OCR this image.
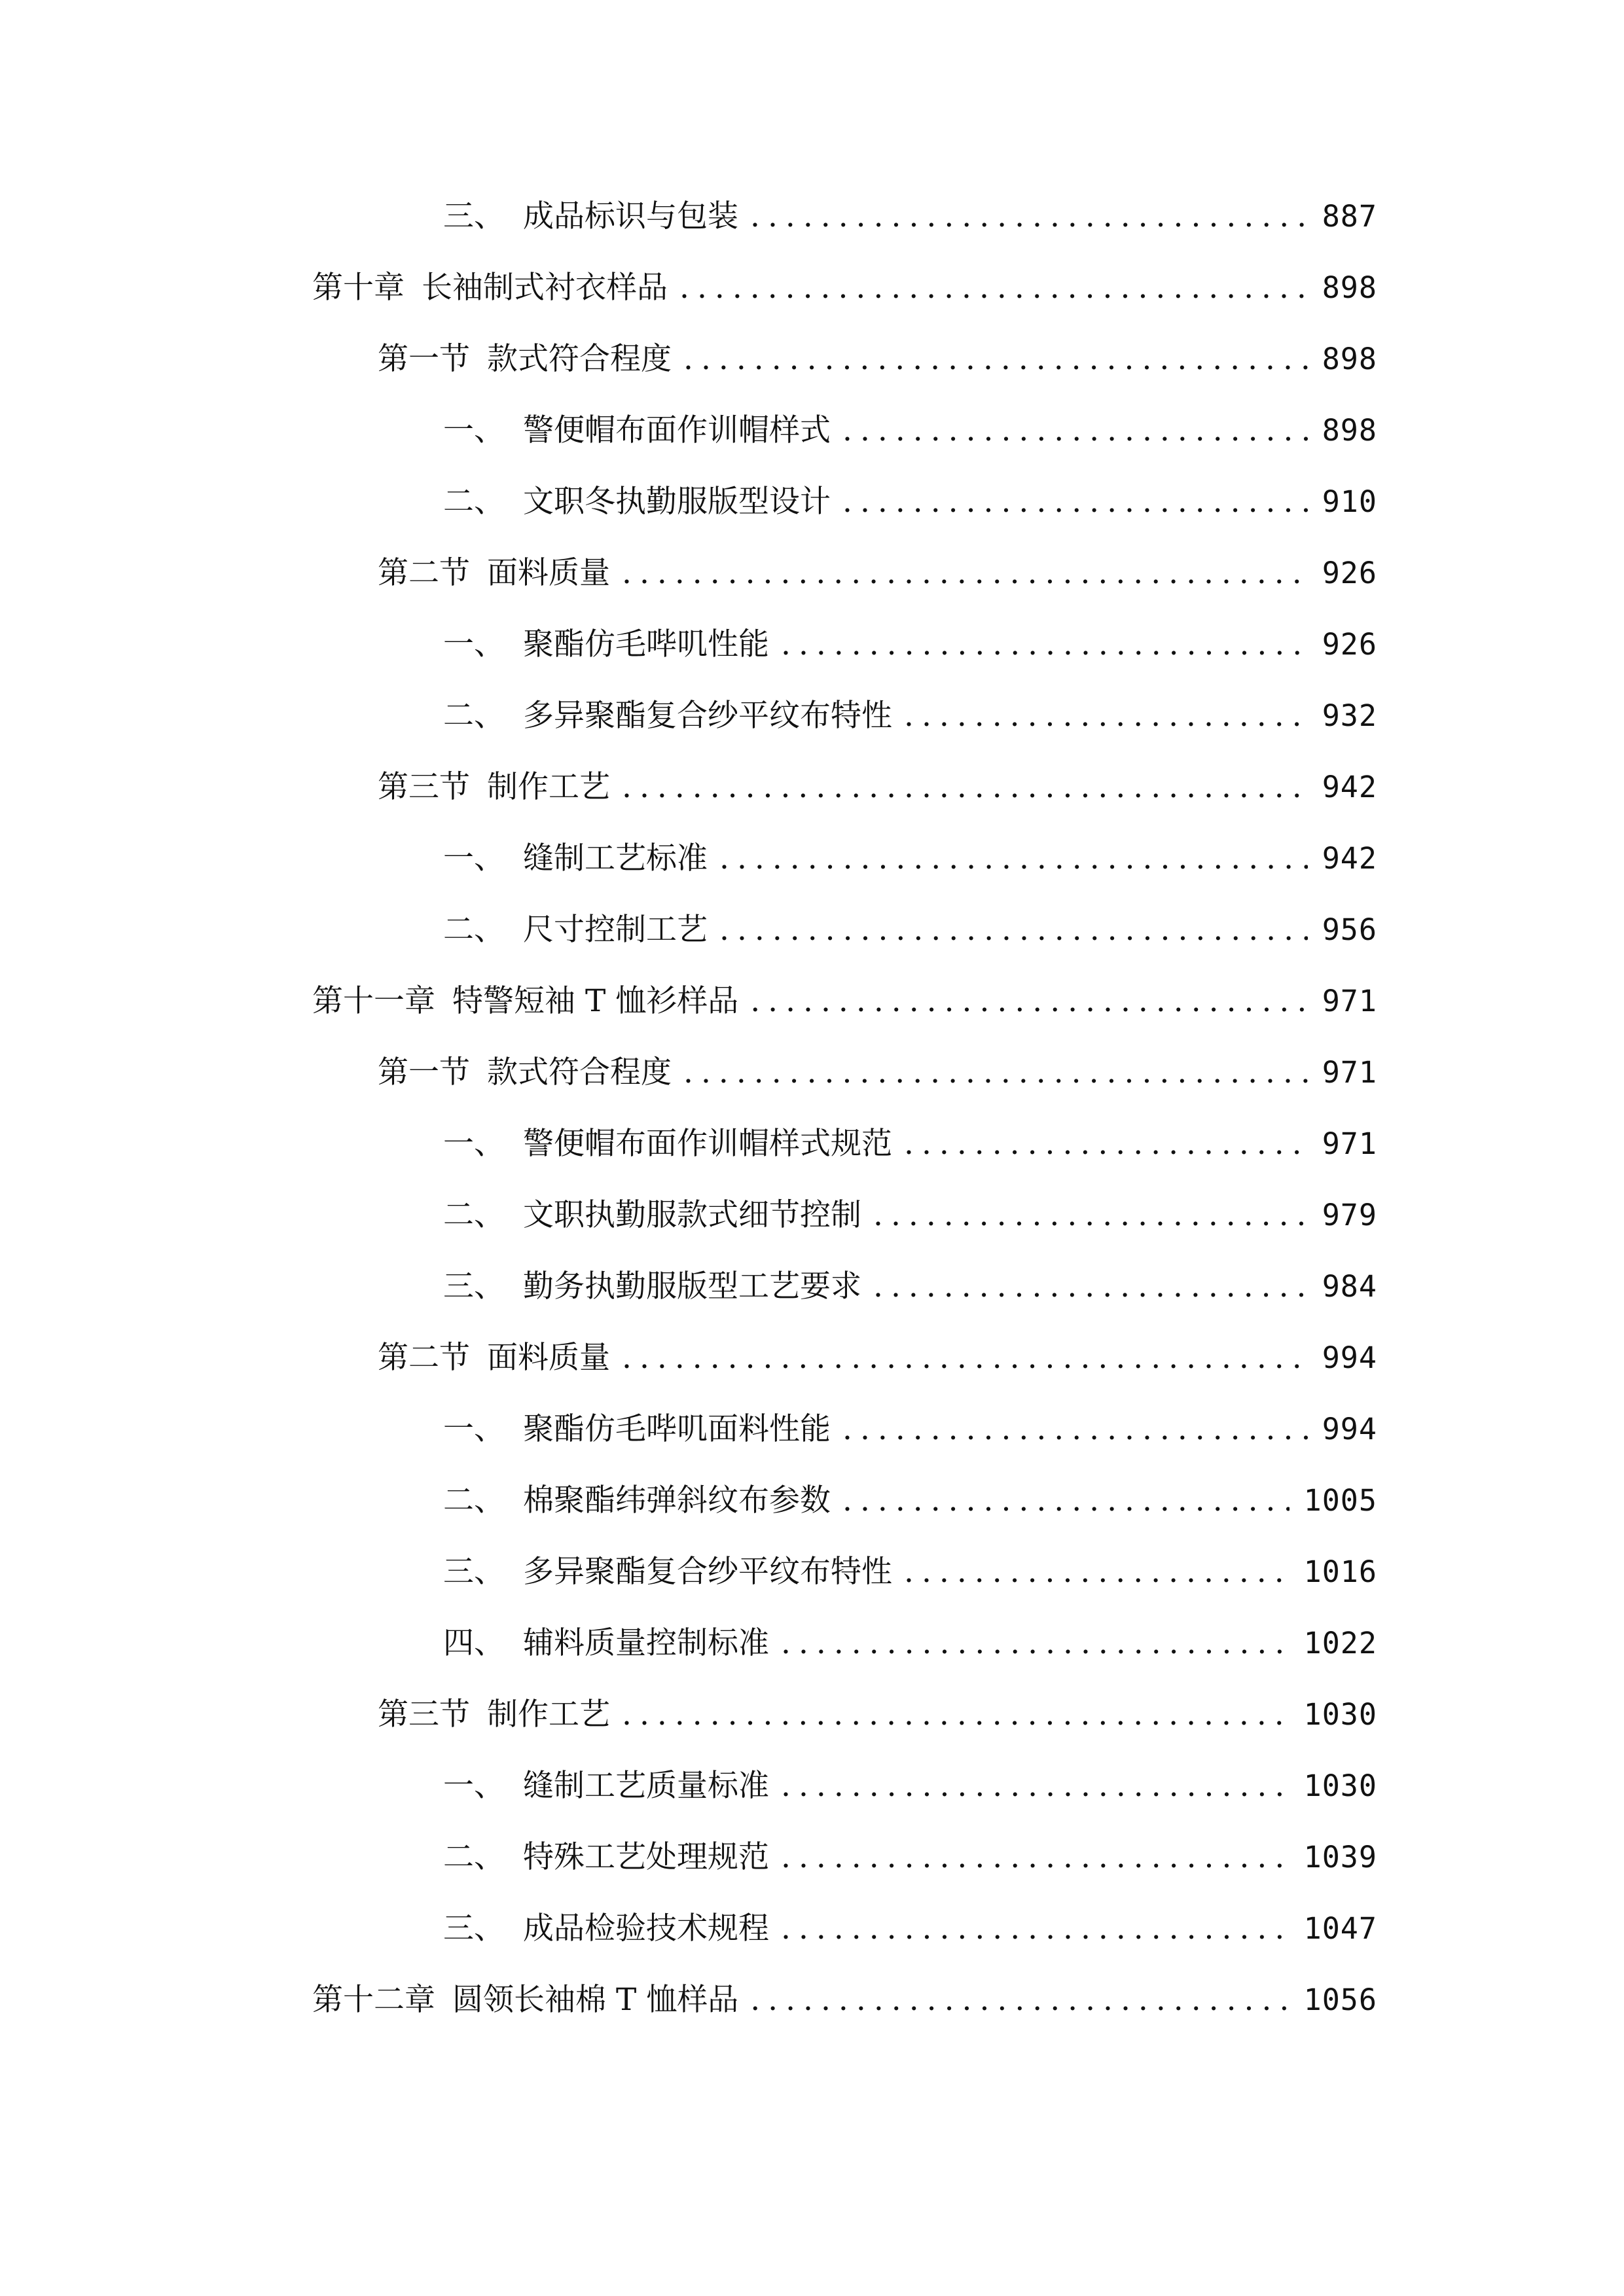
三、 成品标识与包装 .....	887
第十章 长袖制式衬衣样品 .....	898
第一节 款式符合程度 .....	898
一、 警便帽布面作训帽样式 .....	898
二、 文职冬执勤服版型设计 .....	910
第二节 面料质量 .....	926
一、 聚酯仿毛哔叽性能 .....	926
二、 多异聚酯复合纱平纹布特性 .....	932
第三节 制作工艺 .....	942
一、 缝制工艺标准 .....	942
二、 尺寸控制工艺 .....	956
第十一章 特警短袖 T 恤衫样品 .....	971
第一节 款式符合程度 .....	971
一、 警便帽布面作训帽样式规范 .....	971
二、 文职执勤服款式细节控制 .....	979
三、 勤务执勤服版型工艺要求 .....	984
第二节 面料质量 .....	994
一、 聚酯仿毛哔叽面料性能 .....	994
二、 棉聚酯纬弹斜纹布参数 .....	1005
三、 多异聚酯复合纱平纹布特性 .....	1016
四、 辅料质量控制标准 .....	1022
第三节 制作工艺 .....	1030
一、 缝制工艺质量标准 .....	1030
二、 特殊工艺处理规范 .....	1039
三、 成品检验技术规程 .....	1047
第十二章 圆领长袖棉 T 恤样品 .....	1056
